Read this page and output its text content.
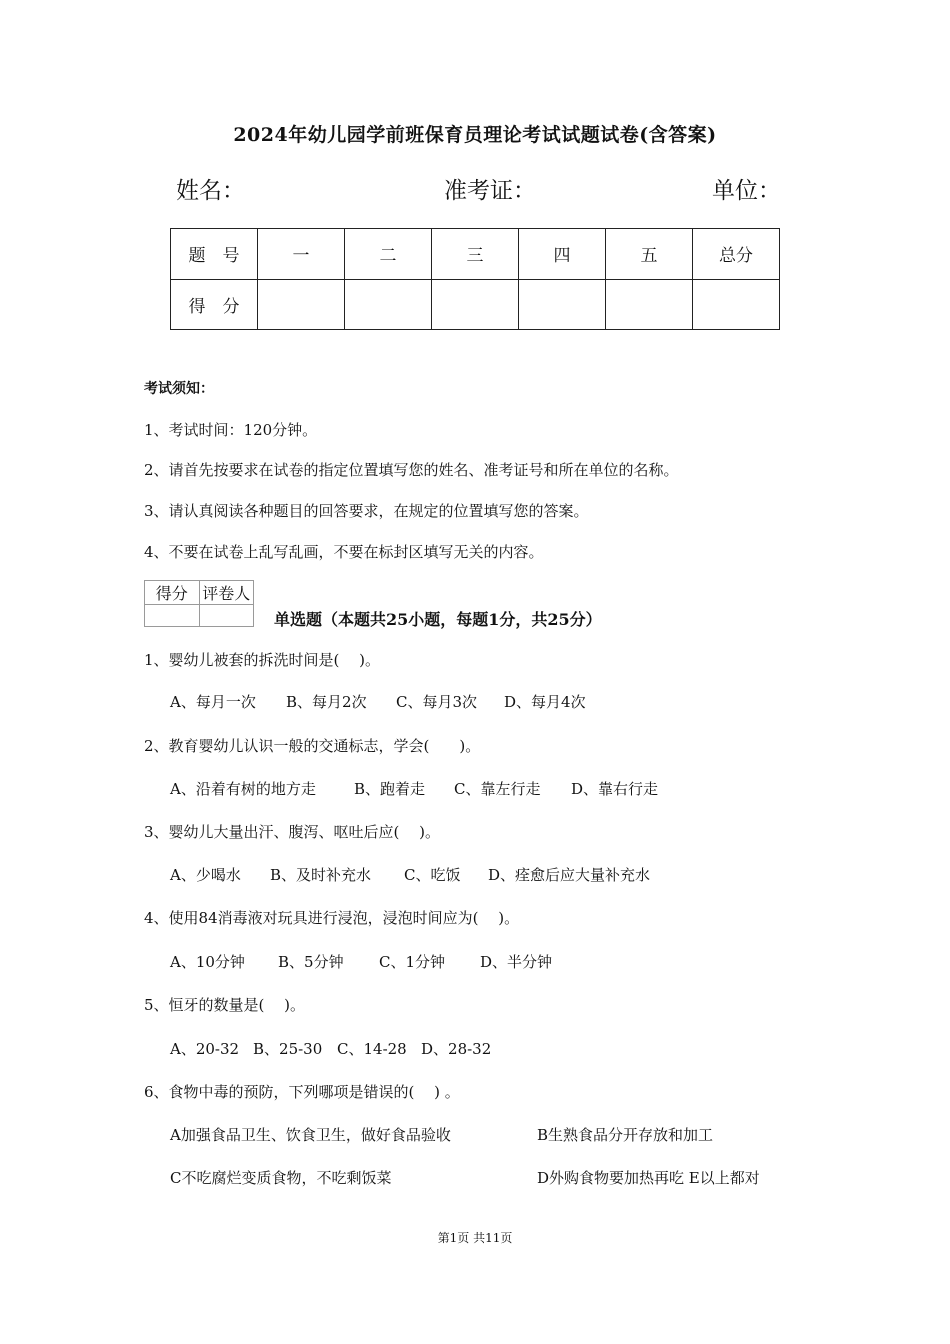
2024年幼儿园学前班保育员理论考试试题试卷(含答案)
姓名：	准考证：	单位：
题　号	一	二	三	四	五	总分
得　分						
考试须知：
1、考试时间：120分钟。
2、请首先按要求在试卷的指定位置填写您的姓名、准考证号和所在单位的名称。
3、请认真阅读各种题目的回答要求，在规定的位置填写您的答案。
4、不要在试卷上乱写乱画，不要在标封区填写无关的内容。
得分	评卷人

单选题（本题共25小题，每题1分，共25分）
1、婴幼儿被套的拆洗时间是(　 )。
A、每月一次 B、每月2次 C、每月3次 D、每月4次
2、教育婴幼儿认识一般的交通标志，学会(　　)。
A、沿着有树的地方走	B、跑着走 C、靠左行走 D、靠右行走
3、婴幼儿大量出汗、腹泻、呕吐后应(　 )。
A、少喝水 B、及时补充水 C、吃饭 D、痊愈后应大量补充水
4、使用84消毒液对玩具进行浸泡，浸泡时间应为(　 )。
A、10分钟 B、5分钟 C、1分钟 D、半分钟
5、恒牙的数量是(　 )。
A、20-32 B、25-30 C、14-28 D、28-32
6、食物中毒的预防，下列哪项是错误的(　 ) 。
A加强食品卫生、饮食卫生，做好食品验收	B生熟食品分开存放和加工
C不吃腐烂变质食物，不吃剩饭菜	D外购食物要加热再吃 E以上都对
第1页 共11页
